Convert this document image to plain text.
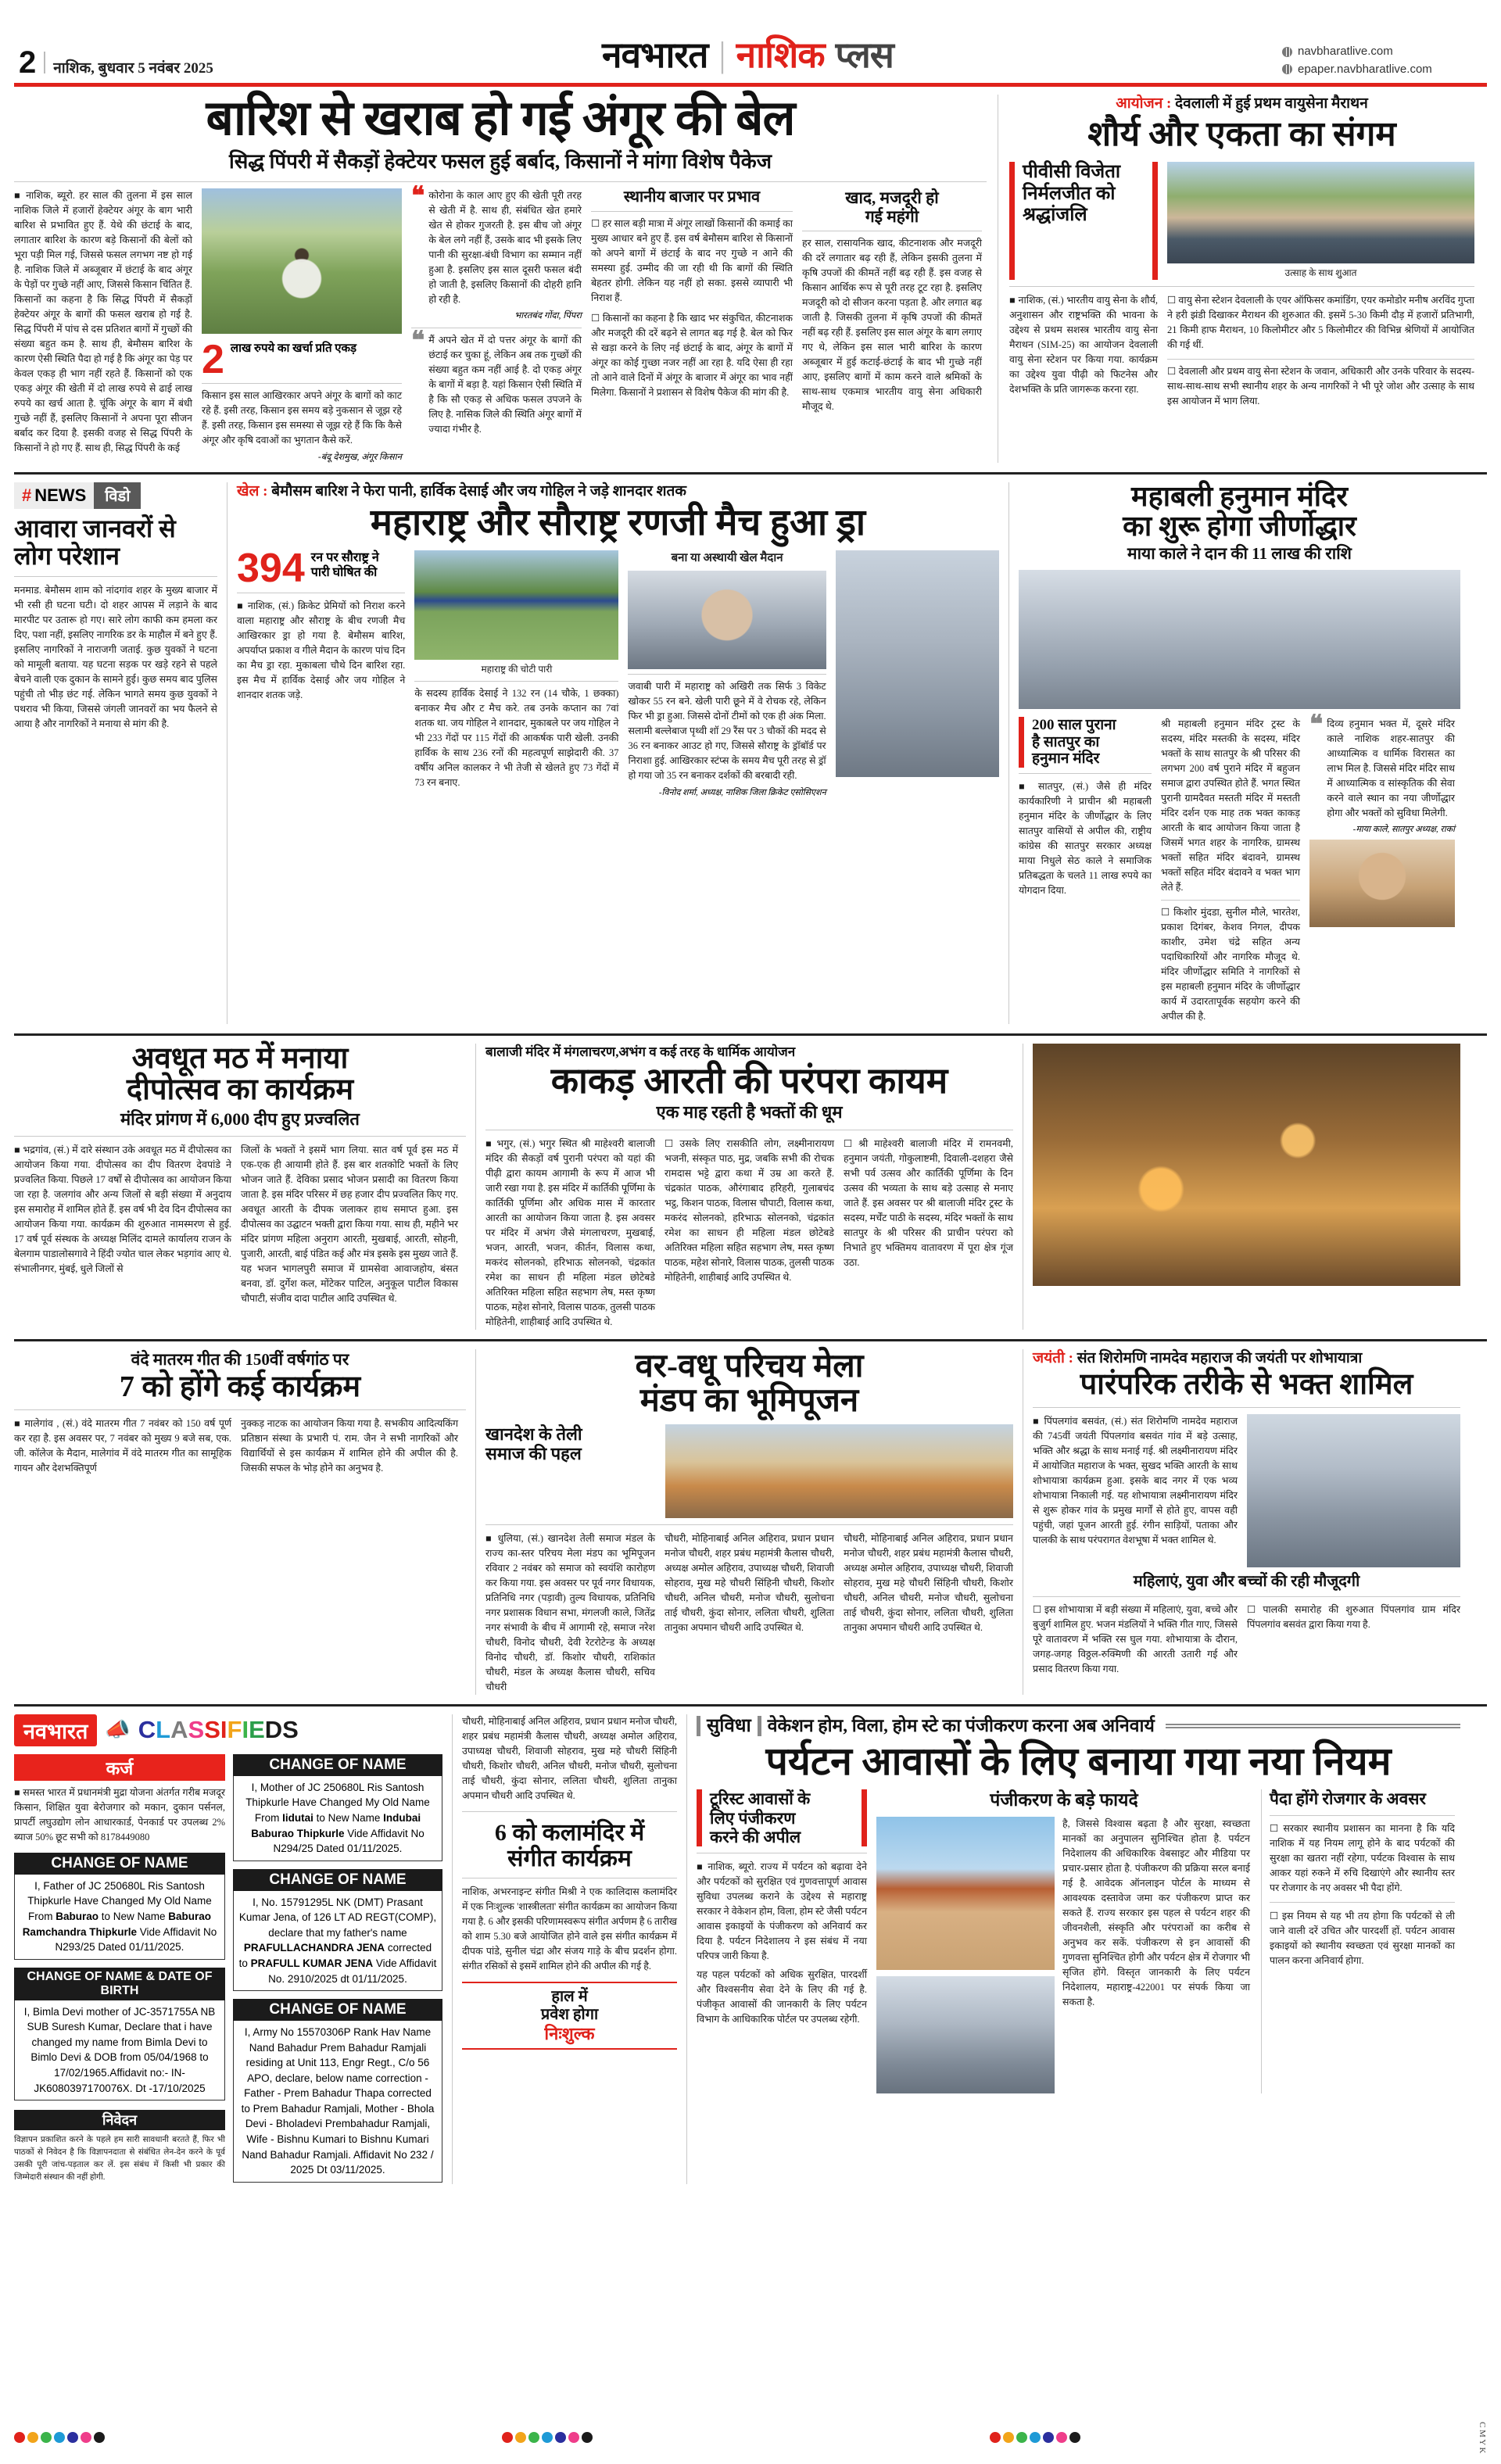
2 नाशिक, बुधवार 5 नवंबर 2025	नवभारत | नाशिक प्लस	navbharatlive.com
epaper.navbharatlive.com
बारिश से खराब हो गई अंगूर की बेल
सिद्ध पिंपरी में सैकड़ों हेक्टेयर फसल हुई बर्बाद, किसानों ने मांगा विशेष पैकेज
■ नाशिक, ब्यूरो. हर साल की तुलना में इस साल नाशिक जिले में हजारों हेक्टेयर अंगूर के बाग भारी बारिश से प्रभावित हुए हैं. येथे की छंटाई के बाद, लगातार बारिश के कारण बड़े किसानों की बेलों को भूरा पड़ी मिल गई, जिससे फसल लगभग नष्ट हो गई है. नाशिक जिले में अब्जूबार में छंटाई के बाद अंगूर के पेड़ों पर गुच्छे नहीं आए, जिससे किसान चिंतित हैं. किसानों का कहना है कि सिद्ध पिंपरी में सैकड़ों हेक्टेयर अंगूर के बागों की फसल खराब हो गई है. सिद्ध पिंपरी में पांच से दस प्रतिशत बागों में गुच्छों की संख्या बहुत कम है. साथ ही, बेमौसम बारिश के कारण ऐसी स्थिति पैदा हो गई है कि अंगूर का पेड़ पर केवल एकड़ ही भाग नहीं रहते हैं. किसानों को एक एकड़ अंगूर की खेती में दो लाख रुपये से ढाई लाख रुपये का खर्च आता है. चूंकि अंगूर के बाग में बंधी गुच्छे नहीं हैं, इसलिए किसानों ने अपना पूरा सीजन बर्बाद कर दिया है. इसकी वजह से सिद्ध पिंपरी के किसानों ने हो गए हैं. साथ ही, सिद्ध पिंपरी के कई
2 लाख रुपये का खर्चा प्रति एकड़
किसान इस साल आखिरकार अपने अंगूर के बागों को काट रहे हैं. इसी तरह, किसान इस समय बड़े नुकसान से जूझ रहे हैं. इसी तरह, किसान इस समस्या से जूझ रहे हैं कि कि कैसे अंगूर और कृषि दवाओं का भुगतान कैसे करें.
-बंदू देशमुख, अंगूर किसान
❝ कोरोना के काल आए हुए की खेती पूरी तरह से खेती में है. साथ ही, संबंधित खेत हमारे खेत से होकर गुजरती है. इस बीच जो अंगूर के बेल लगे नहीं हैं, उसके बाद भी इसके लिए पानी की सुरक्षा-बंधी विभाग का सम्मान नहीं हुआ है. इसलिए इस साल दूसरी फसल बंदी हो जाती है, इसलिए किसानों की दोहरी हानि हो रही है.
भारतबंद गोंदा, पिंपरा
❝ मैं अपने खेत में दो पत्तर अंगूर के बागों की छंटाई कर चुका हूं, लेकिन अब तक गुच्छों की संख्या बहुत कम नहीं आई है. दो एकड़ अंगूर के बागों में बड़ा है. यहां किसान ऐसी स्थिति में है कि सौ एकड़ से अधिक फसल उपजने के लिए है. नासिक जिले की स्थिति अंगूर बागों में ज्यादा गंभीर है.
स्थानीय बाजार पर प्रभाव
☐ हर साल बड़ी मात्रा में अंगूर लाखों किसानों की कमाई का मुख्य आधार बने हुए हैं. इस वर्ष बेमौसम बारिश से किसानों को अपने बागों में छंटाई के बाद नए गुच्छे न आने की समस्या हुई. उम्मीद की जा रही थी कि बागों की स्थिति बेहतर होगी. लेकिन यह नहीं हो सका. इससे व्यापारी भी निराश हैं.
☐ किसानों का कहना है कि खाद भर संकुचित, कीटनाशक और मजदूरी की दरें बढ़ने से लागत बढ़ गई है. बेल को फिर से खड़ा करने के लिए नई छंटाई के बाद, अंगूर के बागों में अंगूर का कोई गुच्छा नजर नहीं आ रहा है. यदि ऐसा ही रहा तो आने वाले दिनों में अंगूर के बाजार में अंगूर का भाव नहीं मिलेगा. किसानों ने प्रशासन से विशेष पैकेज की मांग की है.
खाद, मजदूरी हो
गई महंगी
हर साल, रासायनिक खाद, कीटनाशक और मजदूरी की दरें लगातार बढ़ रही हैं, लेकिन इसकी तुलना में कृषि उपजों की कीमतें नहीं बढ़ रही हैं. इस वजह से किसान आर्थिक रूप से पूरी तरह टूट रहा है. इसलिए मजदूरी को दो सीजन करना पड़ता है. और लगात बढ़ जाती है. जिसकी तुलना में कृषि उपजों की कीमतें नहीं बढ़ रही हैं. इसलिए इस साल अंगूर के बाग लगाए गए थे, लेकिन इस साल भारी बारिश के कारण अब्जूबार में हुई कटाई-छंटाई के बाद भी गुच्छे नहीं आए, इसलिए बागों में काम करने वाले श्रमिकों के साथ-साथ एकमात्र भारतीय वायु सेना अधिकारी मौजूद थे.
आयोजन : देवलाली में हुई प्रथम वायुसेना मैराथन
शौर्य और एकता का संगम
पीवीसी विजेता
निर्मलजीत को
श्रद्धांजलि
उत्साह के साथ शुुआत
■ नाशिक, (सं.) भारतीय वायु सेना के शौर्य, अनुशासन और राष्ट्रभक्ति की भावना के उद्देश्य से प्रथम सशस्त्र भारतीय वायु सेना मैराथन (SIM-25) का आयोजन देवलाली वायु सेना स्टेशन पर किया गया. कार्यक्रम का उद्देश्य युवा पीढ़ी को फिटनेस और देशभक्ति के प्रति जागरूक करना रहा.
☐ वायु सेना स्टेशन देवलाली के एयर ऑफिसर कमांडिंग, एयर कमोडोर मनीष अरविंद गुप्ता ने हरी झंडी दिखाकर मैराथन की शुरुआत की. इसमें 5-30 किमी दौड़ में हजारों प्रतिभागी, 21 किमी हाफ मैराथन, 10 किलोमीटर और 5 किलोमीटर की विभिन्न श्रेणियों में आयोजित की गई थीं.
☐ देवलाली और प्रथम वायु सेना स्टेशन के जवान, अधिकारी और उनके परिवार के सदस्य-साथ-साथ-साथ सभी स्थानीय शहर के अन्य नागरिकों ने भी पूरे जोश और उत्साह के साथ इस आयोजन में भाग लिया.
# NEWS	विडो
आवारा जानवरों से
लोग परेशान
मनमाड. बेमौसम शाम को नांदगांव शहर के मुख्य बाजार में भी रसी ही घटना घटी। दो शहर आपस में लड़ाने के बाद मारपीट पर उतारू हो गए। सारे लोग काफी कम हमला कर दिए, पशा नहीं, इसलिए नागरिक डर के माहौल में बने हुए हैं. इसलिए नागरिकों ने नाराजगी जताई. कुछ युवकों ने घटना को मामूली बताया. यह घटना सड़क पर खड़े रहने से पहले बेचने वाली एक दुकान के सामने हुई। कुछ समय बाद पुलिस पहुंची तो भीड़ छंट गई. लेकिन भागते समय कुछ युवकों ने पथराव भी किया, जिससे जंगली जानवरों का भय फैलने से आया है और नागरिकों ने मनाया से मांग की है.
खेल : बेमौसम बारिश ने फेरा पानी, हार्विक देसाई और जय गोहिल ने जड़े शानदार शतक
महाराष्ट्र और सौराष्ट्र रणजी मैच हुआ ड्रा
394 रन पर सौराष्ट्र ने
पारी घोषित की
■ नाशिक, (सं.) क्रिकेट प्रेमियों को निराश करने वाला महाराष्ट्र और सौराष्ट्र के बीच रणजी मैच आखिरकार ड्रा हो गया है. बेमौसम बारिश, अपर्याप्त प्रकाश व गीले मैदान के कारण पांच दिन का मैच ड्रा रहा. मुकाबला चौथे दिन बारिश रहा. इस मैच में हार्विक देसाई और जय गोहिल ने शानदार शतक जड़े.
महाराष्ट्र की चोटी पारी
के सदस्य हार्विक देसाई ने 132 रन (14 चौके, 1 छक्का) बनाकर मैच और ट मैच करे. तब उनके कप्तान का 7वां शतक था. जय गोहिल ने शानदार, मुकाबले पर जय गोहिल ने भी 233 गेंदों पर 115 गेंदों की आकर्षक पारी खेली. उनकी हार्विक के साथ 236 रनों की महत्वपूर्ण साझेदारी की. 37 वर्षीय अनिल कालकर ने भी तेजी से खेलते हुए 73 गेंदों में 73 रन बनाए.
बना या अस्थायी खेल मैदान
जवाबी पारी में महाराष्ट्र को अखिरी तक सिर्फ 3 विकेट खोकर 55 रन बने. खेली पारी छूने में वे रोचक रहे, लेकिन फिर भी ड्रा हुआ. जिससे दोनों टीमों को एक ही अंक मिला. सलामी बल्लेबाज पृथ्वी शॉ 29 रैंस पर 3 चौकों की मदद से 36 रन बनाकर आउट हो गए, जिससे सौराष्ट्र के ड्रॉबॉर्ड पर निराशा हुई. आखिरकार स्टंप्स के समय मैच पूरी तरह से ड्रॉ हो गया जो 35 रन बनाकर दर्शकों की बरबादी रही.
-विनोद शर्मा, अध्यक्ष, नाशिक जिला क्रिकेट एसोसिएशन
महाबली हनुमान मंदिर
का शुरू होगा जीर्णोद्धार
माया काले ने दान की 11 लाख की राशि
200 साल पुराना
है सातपुर का
हनुमान मंदिर
■ सातपुर, (सं.) जैसे ही मंदिर कार्यकारिणी ने प्राचीन श्री महाबली हनुमान मंदिर के जीर्णोद्धार के लिए सातपुर वासियों से अपील की, राष्ट्रीय कांग्रेस की सातपुर सरकार अध्यक्ष माया निधुले सेठ काले ने समाजिक प्रतिबद्धता के चलते 11 लाख रुपये का योगदान दिया.
श्री महाबली हनुमान मंदिर ट्रस्ट के सदस्य, मंदिर मस्तकी के सदस्य, मंदिर भक्तों के साथ सातपुर के श्री परिसर की लगभग 200 वर्ष पुराने मंदिर में बहुजन समाज द्वारा उपस्थित होते हैं. भगत स्थित पुरानी ग्रामदैवत मस्तती मंदिर में मस्तती मंदिर दर्शन एक माह तक भक्त काकड़ आरती के बाद आयोजन किया जाता है जिसमें भगत शहर के नागरिक, ग्रामस्थ भक्तों सहित मंदिर बंदावने, ग्रामस्थ भक्तों सहित मंदिर बंदावने व भक्त भाग लेते हैं.
☐ किशोर मुंदडा, सुनील मौले, भारतेश, प्रकाश दिगंबर, केशव निगल, दीपक काशीर, उमेश चंद्रे सहित अन्य पदाधिकारियों और नागरिक मौजूद थे. मंदिर जीर्णोद्धार समिति ने नागरिकों से इस महाबली हनुमान मंदिर के जीर्णोद्धार कार्य में उदारतापूर्वक सहयोग करने की अपील की है.
❝ दिव्य हनुमान भक्त में, दूसरे मंदिर काले नाशिक शहर-सातपुर की आध्यात्मिक व धार्मिक विरासत का लाभ मिल है. जिससे मंदिर मंदिर साथ में आध्यात्मिक व सांस्कृतिक की सेवा करने वाले स्थान का नया जीर्णोद्धार होगा और भक्तों को सुविधा मिलेगी.
-माया काले, सातपुर अध्यक्ष, राकां
अवधूत मठ में मनाया
दीपोत्सव का कार्यक्रम
मंदिर प्रांगण में 6,000 दीप हुए प्रज्वलित
■ भद्रगांव, (सं.) में दारे संस्थान उके अवधूत मठ में दीपोत्सव का आयोजन किया गया. दीपोत्सव का दीप वितरण देवपांडे ने प्रज्वलित किया. पिछले 17 वर्षों से दीपोत्सव का आयोजन किया जा रहा है. जलगांव और अन्य जिलों से बड़ी संख्या में अनुदाय इस समारोह में शामिल होते हैं. इस वर्ष भी देव दिन दीपोत्सव का आयोजन किया गया. कार्यक्रम की शुरुआत नामस्मरण से हुई. 17 वर्ष पूर्व संस्थक के अध्यक्ष मिलिंद दामले कार्यालय राजन के बेलगाम पाडालोसगावे ने हिंदी ज्योत चाल लेकर भड़गांव आए थे. संभालीनगर, मुंबई, धुले जिलों से
जिलों के भक्तों ने इसमें भाग लिया. सात वर्ष पूर्व इस मठ में एक-एक ही आयामी होते हैं. इस बार शतकोटि भक्तों के लिए भोजन जाते हैं. देविका प्रसाद भोजन प्रसादी का वितरण किया जाता है. इस मंदिर परिसर में छह हजार दीप प्रज्वलित किए गए. अवधूत आरती के दीपक जलाकर हाथ समाप्त हुआ. इस दीपोत्सव का उद्घाटन भक्ती द्वारा किया गया. साथ ही, महीने भर मंदिर प्रांगण महिला अनुराग आरती, मुखबाई, आरती, सोहनी, पुजारी, आरती, बाई पंडित कई और मंत्र इसके इस मुख्य जाते हैं. यह भजन भागलपुरी समाज में ग्रामसेवा आवाजहोय, बंसत बनवा, डॉ. दुर्गेश कल, मोंटेकर पाटिल, अनुकूल पाटील विकास चौपाटी, संजीव दादा पाटील आदि उपस्थित थे.
बालाजी मंदिर में मंगलाचरण,अभंग व कई तरह के धार्मिक आयोजन
काकड़ आरती की परंपरा कायम
एक माह रहती है भक्तों की धूम
■ भगुर, (सं.) भगुर स्थित श्री माहेश्वरी बालाजी मंदिर की सैकड़ों वर्ष पुरानी परंपरा को यहां की पीढ़ी द्वारा कायम आगामी के रूप में आज भी जारी रखा गया है. इस मंदिर में कार्तिकी पूर्णिमा के कार्तिकी पूर्णिमा और अधिक मास में कारतार आरती का आयोजन किया जाता है. इस अवसर पर मंदिर में अभंग जैसे मंगलाचरण, मुखबाई, भजन, आरती, भजन, कीर्तन, विलास कथा, मकरंद सोलनको, हरिभाऊ सोलनको, चंद्रकांत रमेश का साधन ही महिला मंडल छोटेबडे अतिरिक्त महिला सहित सहभाग लेष, मस्त कृष्ण पाठक, महेश सोनारे, विलास पाठक, तुलसी पाठक मोहितेनी, शाहीबाई आदि उपस्थित थे.
☐ उसके लिए रासकीति लोग, लक्ष्मीनारायण भजनी, संस्कृत पाठ, मुद्र, जबकि सभी की रोचक रामदास भट्टे द्वारा कथा में उम्र आ करते हैं. चंद्रकांत पाठक, औरंगाबाद हरिहरी, गुलाबचंद भट्ठ, किशन पाठक, विलास चौपाटी, विलास कथा, मकरंद सोलनको, हरिभाऊ सोलनको, चंद्रकांत रमेश का साधन ही महिला मंडल छोटेबडे अतिरिक्त महिला सहित सहभाग लेष, मस्त कृष्ण पाठक, महेश सोनारे, विलास पाठक, तुलसी पाठक मोहितेनी, शाहीबाई आदि उपस्थित थे.
☐ श्री माहेश्वरी बालाजी मंदिर में रामनवमी, हनुमान जयंती, गोकुलाष्टमी, दिवाली-दशहरा जैसे सभी पर्व उत्सव और कार्तिकी पूर्णिमा के दिन उत्सव की भव्यता के साथ बड़े उत्साह से मनाए जाते हैं. इस अवसर पर श्री बालाजी मंदिर ट्रस्ट के सदस्य, मर्चेंट पाठी के सदस्य, मंदिर भक्तों के साथ सातपुर के श्री परिसर की प्राचीन परंपरा को निभाते हुए भक्तिमय वातावरण में पूरा क्षेत्र गूंज उठा.
वंदे मातरम गीत की 150वीं वर्षगांठ पर
7 को होंगे कई कार्यक्रम
■ मालेगांव , (सं.) वंदे मातरम गीत 7 नवंबर को 150 वर्ष पूर्ण कर रहा है. इस अवसर पर, 7 नवंबर को मुख्य 9 बजे सब, एक. जी. कॉलेज के मैदान, मालेगांव में वंदे मातरम गीत का सामूहिक गायन और देशभक्तिपूर्ण
नुक्कड़ नाटक का आयोजन किया गया है. सभकीय आदित्यकिंग प्रतिष्ठान संस्था के प्रभारी पं. राम. जैन ने सभी नागरिकों और विद्यार्थियों से इस कार्यक्रम में शामिल होने की अपील की है. जिसकी सफल के भोड़ होने का अनुभव है.
वर-वधू परिचय मेला
मंडप का भूमिपूजन
खानदेश के तेली
समाज की पहल
■ धुलिया, (सं.) खानदेश तेली समाज मंडल के राज्य का-स्तर परिचय मेला मंडप का भूमिपूजन रविवार 2 नवंबर को समाज को स्वयंशि कारोहण कर किया गया. इस अवसर पर पूर्व नगर विधायक, प्रतिनिधि नगर (पड़ावी) तुल्य विधायक, प्रतिनिधि नगर प्रशासक विधान सभा, मंगलजी काले, जितेंद्र नगर संभावी के बीच में आगामी रहे, समाज नरेश चौधरी, विनोद चौधरी, देवी रेटरोटेन्ड के अध्यक्ष विनोद चौधरी, डॉ. किशोर चौधरी, राशिकांत चौधरी, मंडल के अध्यक्ष कैलास चौधरी, सचिव चौधरी
चौधरी, मोहिनाबाई अनिल अहिराव, प्रधान प्रधान मनोज चौधरी, शहर प्रबंध महामंत्री कैलास चौधरी, अध्यक्ष अमोल अहिराव, उपाध्यक्ष चौधरी, शिवाजी सोहराव, मुख महे चौधरी सिंहिनी चौधरी, किशोर चौधरी, अनिल चौधरी, मनोज चौधरी, सुलोचना ताई चौधरी, कुंदा सोनार, ललिता चौधरी, शुलिता तानुका अपमान चौधरी आदि उपस्थित थे.
चौधरी, मोहिनाबाई अनिल अहिराव, प्रधान प्रधान मनोज चौधरी, शहर प्रबंध महामंत्री कैलास चौधरी, अध्यक्ष अमोल अहिराव, उपाध्यक्ष चौधरी, शिवाजी सोहराव, मुख महे चौधरी सिंहिनी चौधरी, किशोर चौधरी, अनिल चौधरी, मनोज चौधरी, सुलोचना ताई चौधरी, कुंदा सोनार, ललिता चौधरी, शुलिता तानुका अपमान चौधरी आदि उपस्थित थे.
जयंती : संत शिरोमणि नामदेव महाराज की जयंती पर शोभायात्रा
पारंपरिक तरीके से भक्त शामिल
■ पिंपलगांव बसवंत, (सं.) संत शिरोमणि नामदेव महाराज की 745वीं जयंती पिंपलगांव बसवंत गांव में बड़े उत्साह, भक्ति और श्रद्धा के साथ मनाई गई. श्री लक्ष्मीनारायण मंदिर में आयोजित महाराज के भक्त, सुखद भक्ति आरती के साथ शोभायात्रा कार्यक्रम हुआ. इसके बाद नगर में एक भव्य शोभायात्रा निकाली गई. यह शोभायात्रा लक्ष्मीनारायण मंदिर से शुरू होकर गांव के प्रमुख मार्गों से होते हुए, वापस वही पहुंची, जहां पूजन आरती हुई. रंगीन साड़ियों, पताका और पालकी के साथ परंपरागत वेशभूषा में भक्त शामिल थे.
महिलाएं, युवा और बच्चों की रही मौजूदगी
☐ इस शोभायात्रा में बड़ी संख्या में महिलाएं, युवा, बच्चे और बुजुर्ग शामिल हुए. भजन मंडलियों ने भक्ति गीत गाए, जिससे पूरे वातावरण में भक्ति रस घुल गया. शोभायात्रा के दौरान, जगह-जगह विठ्ठल-रुक्मिणी की आरती उतारी गई और प्रसाद वितरण किया गया.
☐ पालकी समारोह की शुरुआत पिंपलगांव ग्राम मंदिर पिंपलगांव बसवंत द्वारा किया गया है.
नवभारत 📣 CLASSIFIEDS
कर्ज
■ समस्त भारत में प्रधानमंत्री मुद्रा योजना अंतर्गत गरीब मजदूर किसान, शिक्षित युवा बेरोजगार को मकान, दुकान पर्सनल, प्रापर्टी लघुउद्योग लोन आधारकार्ड, पेनकार्ड पर उपलब्ध 2% ब्याज 50% छूट सभी को 8178449080
CHANGE OF NAME
I, Father of JC 250680L Ris Santosh Thipkurle Have Changed My Old Name From Baburao to New Name Baburao Ramchandra Thipkurle Vide Affidavit No N293/25 Dated 01/11/2025.
CHANGE OF NAME & DATE OF BIRTH
I, Bimla Devi mother of JC-3571755A NB SUB Suresh Kumar, Declare that i have changed my name from Bimla Devi to Bimlo Devi & DOB from 05/04/1968 to 17/02/1965.Affidavit no:- IN- JK6080397170076X. Dt -17/10/2025
निवेदन
विज्ञापन प्रकाशित करने के पहले हम सारी सावधानी बरतते हैं, फिर भी पाठकों से निवेदन है कि विज्ञापनदाता से संबंधित लेन-देन करने के पूर्व उसकी पूरी जांच-पड़ताल कर लें. इस संबंध में किसी भी प्रकार की जिम्मेदारी संस्थान की नहीं होगी.
CHANGE OF NAME
I, Mother of JC 250680L Ris Santosh Thipkurle Have Changed My Old Name From Iidutai to New Name Indubai Baburao Thipkurle Vide Affidavit No N294/25 Dated 01/11/2025.
CHANGE OF NAME
I, No. 15791295L NK (DMT) Prasant Kumar Jena, of 126 LT AD REGT(COMP), declare that my father's name PRAFULLACHANDRA JENA corrected to PRAFULL KUMAR JENA Vide Affidavit No. 2910/2025 dt 01/11/2025.
CHANGE OF NAME
I, Army No 15570306P Rank Hav Name Nand Bahadur Prem Bahadur Ramjali residing at Unit 113, Engr Regt., C/o 56 APO, declare, below name correction - Father - Prem Bahadur Thapa corrected to Prem Bahadur Ramjali, Mother - Bhola Devi - Bholadevi Prembahadur Ramjali, Wife - Bishnu Kumari to Bishnu Kumari Nand Bahadur Ramjali. Affidavit No 232 / 2025 Dt 03/11/2025.
चौधरी, मोहिनाबाई अनिल अहिराव, प्रधान प्रधान मनोज चौधरी, शहर प्रबंध महामंत्री कैलास चौधरी, अध्यक्ष अमोल अहिराव, उपाध्यक्ष चौधरी, शिवाजी सोहराव, मुख महे चौधरी सिंहिनी चौधरी, किशोर चौधरी, अनिल चौधरी, मनोज चौधरी, सुलोचना ताई चौधरी, कुंदा सोनार, ललिता चौधरी, शुलिता तानुका अपमान चौधरी आदि उपस्थित थे.
6 को कलामंदिर में
संगीत कार्यक्रम
नाशिक, अभरनाइन्ट संगीत मिश्री ने एक कालिदास कलामंदिर में एक निःशुल्क 'शास्त्रीलता' संगीत कार्यक्रम का आयोजन किया गया है. 6 और इसकी परिणामस्वरूप संगीत अर्पणम है 6 तारीख को शाम 5.30 बजे आयोजित होने वाले इस संगीत कार्यक्रम में दीपक पांडे, सुनील चंद्रा और संजय गाड़े के बीच प्रदर्शन होगा. संगीत रसिकों से इसमें शामिल होने की अपील की गई है.
हाल में
प्रवेश होगा
निःशुल्क
सुविधा वेकेशन होम, विला, होम स्टे का पंजीकरण करना अब अनिवार्य
पर्यटन आवासों के लिए बनाया गया नया नियम
टूरिस्ट आवासों के
लिए पंजीकरण
करने की अपील
■ नाशिक, ब्यूरो. राज्य में पर्यटन को बढ़ावा देने और पर्यटकों को सुरक्षित एवं गुणवत्तापूर्ण आवास सुविधा उपलब्ध कराने के उद्देश्य से महाराष्ट्र सरकार ने वेकेशन होम, विला, होम स्टे जैसी पर्यटन आवास इकाइयों के पंजीकरण को अनिवार्य कर दिया है. पर्यटन निदेशालय ने इस संबंध में नया परिपत्र जारी किया है.
यह पहल पर्यटकों को अधिक सुरक्षित, पारदर्शी और विश्वसनीय सेवा देने के लिए की गई है. पंजीकृत आवासों की जानकारी के लिए पर्यटन विभाग के आधिकारिक पोर्टल पर उपलब्ध रहेगी.
पंजीकरण के बड़े फायदे
है, जिससे विश्वास बढ़ता है और सुरक्षा, स्वच्छता मानकों का अनुपालन सुनिश्चित होता है. पर्यटन निदेशालय की अधिकारिक वेबसाइट और मीडिया पर प्रचार-प्रसार होता है. पंजीकरण की प्रक्रिया सरल बनाई गई है. आवेदक ऑनलाइन पोर्टल के माध्यम से आवश्यक दस्तावेज जमा कर पंजीकरण प्राप्त कर सकते हैं. राज्य सरकार इस पहल से पर्यटन शहर की जीवनशैली, संस्कृति और परंपराओं का करीब से अनुभव कर सकें. पंजीकरण से इन आवासों की गुणवत्ता सुनिश्चित होगी और पर्यटन क्षेत्र में रोजगार भी सृजित होंगे. विस्तृत जानकारी के लिए पर्यटन निदेशालय, महाराष्ट्र-422001 पर संपर्क किया जा सकता है.
पैदा होंगे रोजगार के अवसर
☐ सरकार स्थानीय प्रशासन का मानना है कि यदि नाशिक में यह नियम लागू होने के बाद पर्यटकों की सुरक्षा का खतरा नहीं रहेगा, पर्यटक विश्वास के साथ आकर यहां रुकने में रुचि दिखाएंगे और स्थानीय स्तर पर रोजगार के नए अवसर भी पैदा होंगे.
☐ इस नियम से यह भी तय होगा कि पर्यटकों से ली जाने वाली दरें उचित और पारदर्शी हों. पर्यटन आवास इकाइयों को स्थानीय स्वच्छता एवं सुरक्षा मानकों का पालन करना अनिवार्य होगा.
C M Y K
